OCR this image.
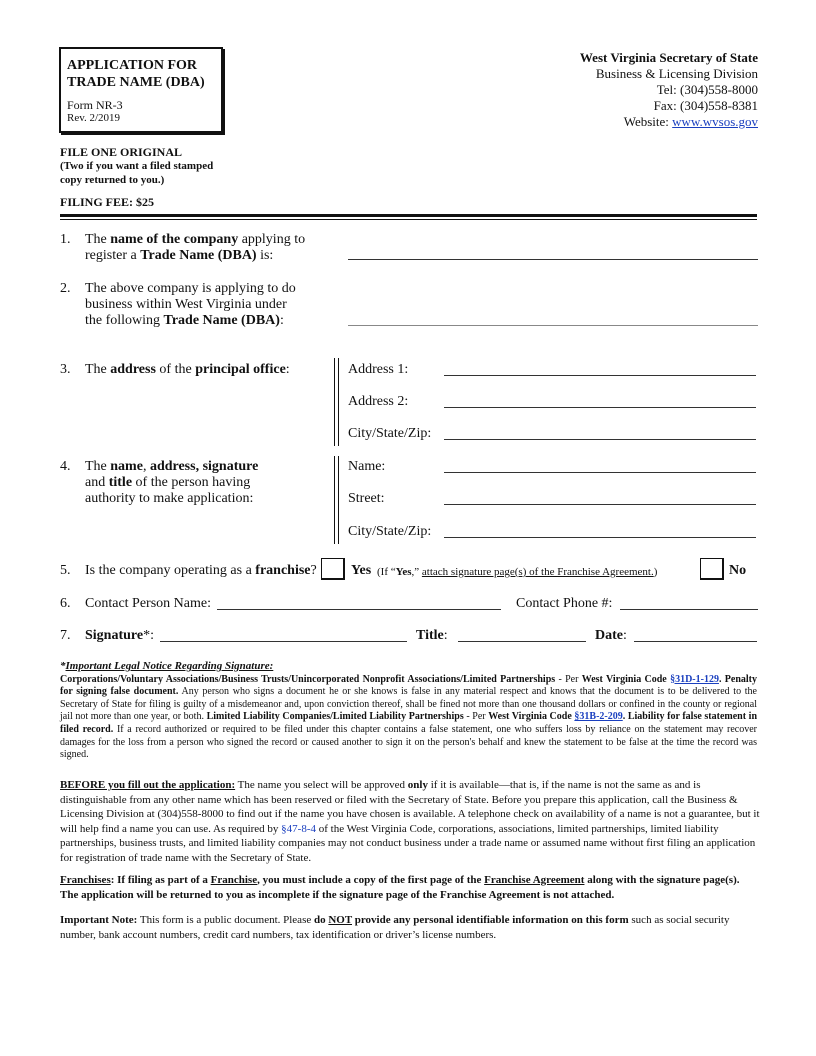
APPLICATION FOR
TRADE NAME (DBA)
Form NR-3
Rev. 2/2019
West Virginia Secretary of State
Business & Licensing Division
Tel: (304)558-8000
Fax: (304)558-8381
Website: www.wvsos.gov
FILE ONE ORIGINAL
(Two if you want a filed stamped
copy returned to you.)
FILING FEE: $25
1. The name of the company applying to
register a Trade Name (DBA) is:
2. The above company is applying to do
business within West Virginia under
the following Trade Name (DBA):
3. The address of the principal office:	Address 1:
Address 2:
City/State/Zip:
4. The name, address, signature
and title of the person having
authority to make application:
Name:
Street:
City/State/Zip:
5. Is the company operating as a franchise? Yes (If “Yes,” attach signature page(s) of the Franchise Agreement.)	No
6. Contact Person Name:	Contact Phone #:
7. Signature*:	Title:	Date:
*Important Legal Notice Regarding Signature:
Corporations/Voluntary Associations/Business Trusts/Unincorporated Nonprofit Associations/Limited Partnerships - Per West Virginia Code §31D-1-129. Penalty for signing false document. Any person who signs a document he or she knows is false in any material respect and knows that the document is to be delivered to the Secretary of State for filing is guilty of a misdemeanor and, upon conviction thereof, shall be fined not more than one thousand dollars or confined in the county or regional jail not more than one year, or both. Limited Liability Companies/Limited Liability Partnerships - Per West Virginia Code §31B-2-209. Liability for false statement in filed record. If a record authorized or required to be filed under this chapter contains a false statement, one who suffers loss by reliance on the statement may recover damages for the loss from a person who signed the record or caused another to sign it on the person's behalf and knew the statement to be false at the time the record was signed.
BEFORE you fill out the application: The name you select will be approved only if it is available—that is, if the name is not the same as and is distinguishable from any other name which has been reserved or filed with the Secretary of State. Before you prepare this application, call the Business & Licensing Division at (304)558-8000 to find out if the name you have chosen is available. A telephone check on availability of a name is not a guarantee, but it will help find a name you can use. As required by §47-8-4 of the West Virginia Code, corporations, associations, limited partnerships, limited liability partnerships, business trusts, and limited liability companies may not conduct business under a trade name or assumed name without first filing an application for registration of trade name with the Secretary of State.
Franchises: If filing as part of a Franchise, you must include a copy of the first page of the Franchise Agreement along with the signature page(s). The application will be returned to you as incomplete if the signature page of the Franchise Agreement is not attached.
Important Note: This form is a public document. Please do NOT provide any personal identifiable information on this form such as social security number, bank account numbers, credit card numbers, tax identification or driver’s license numbers.
